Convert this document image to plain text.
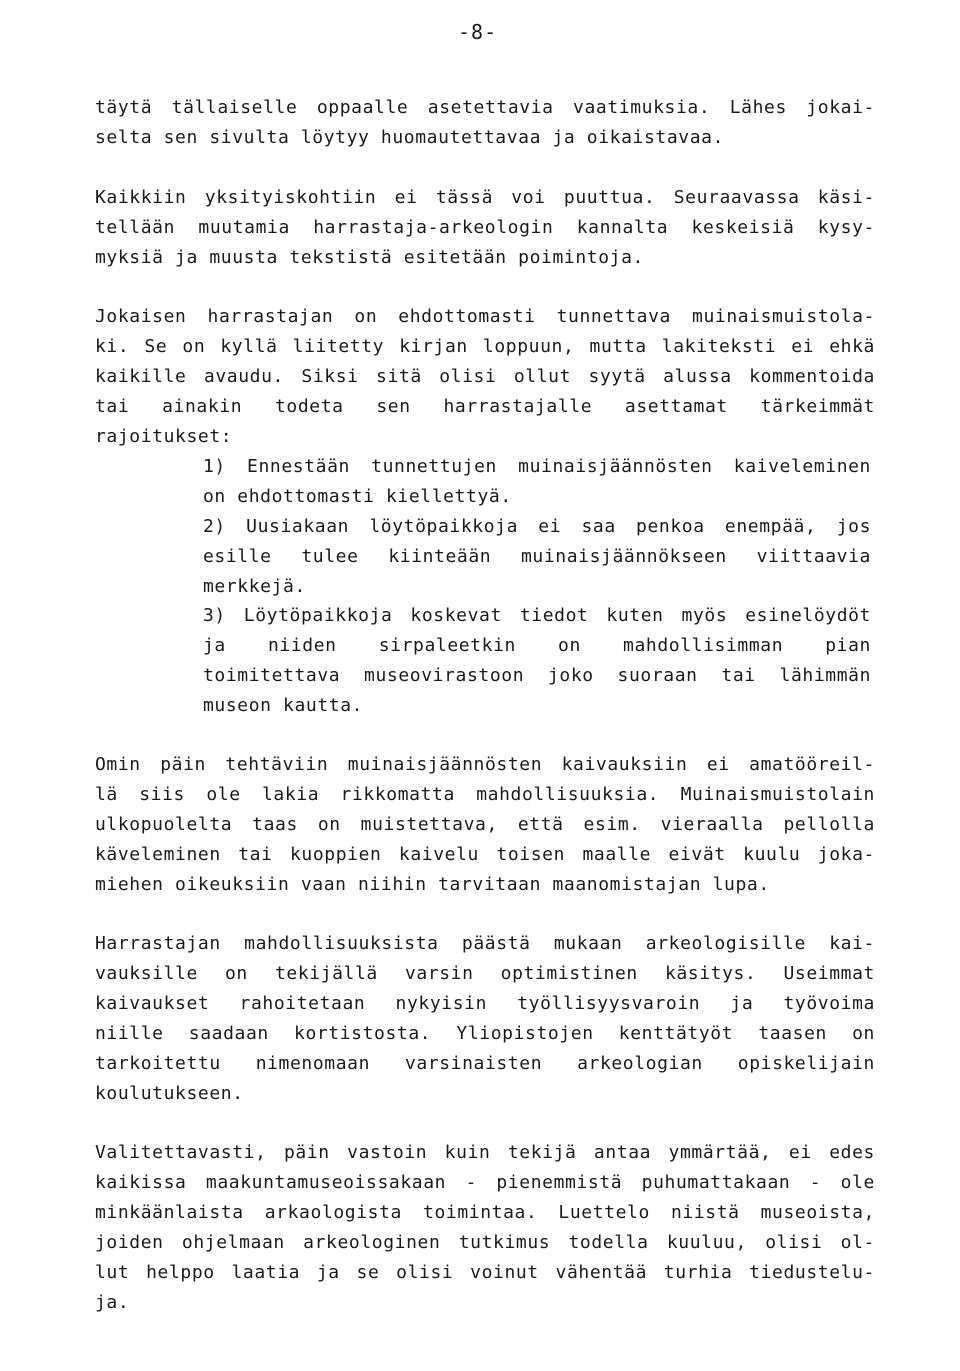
-8-
täytä tällaiselle oppaalle asetettavia vaatimuksia. Lähes jokai-
selta sen sivulta löytyy huomautettavaa ja oikaistavaa.
Kaikkiin yksityiskohtiin ei tässä voi puuttua. Seuraavassa käsi-
tellään muutamia harrastaja-arkeologin kannalta keskeisiä kysy-
myksiä ja muusta tekstistä esitetään poimintoja.
Jokaisen harrastajan on ehdottomasti tunnettava muinaismuistola-
ki. Se on kyllä liitetty kirjan loppuun, mutta lakiteksti ei ehkä
kaikille avaudu. Siksi sitä olisi ollut syytä alussa kommentoida
tai ainakin todeta sen harrastajalle asettamat tärkeimmät
rajoitukset:
1) Ennestään tunnettujen muinaisjäännösten kaiveleminen
on ehdottomasti kiellettyä.
2) Uusiakaan löytöpaikkoja ei saa penkoa enempää, jos
esille tulee kiinteään muinaisjäännökseen viittaavia
merkkejä.
3) Löytöpaikkoja koskevat tiedot kuten myös esinelöydöt
ja niiden sirpaleetkin on mahdollisimman pian
toimitettava museovirastoon joko suoraan tai lähimmän
museon kautta.
Omin päin tehtäviin muinaisjäännösten kaivauksiin ei amatööreil-
lä siis ole lakia rikkomatta mahdollisuuksia. Muinaismuistolain
ulkopuolelta taas on muistettava, että esim. vieraalla pellolla
käveleminen tai kuoppien kaivelu toisen maalle eivät kuulu joka-
miehen oikeuksiin vaan niihin tarvitaan maanomistajan lupa.
Harrastajan mahdollisuuksista päästä mukaan arkeologisille kai-
vauksille on tekijällä varsin optimistinen käsitys. Useimmat
kaivaukset rahoitetaan nykyisin työllisyysvaroin ja työvoima
niille saadaan kortistosta. Yliopistojen kenttätyöt taasen on
tarkoitettu nimenomaan varsinaisten arkeologian opiskelijain
koulutukseen.
Valitettavasti, päin vastoin kuin tekijä antaa ymmärtää, ei edes
kaikissa maakuntamuseoissakaan - pienemmistä puhumattakaan - ole
minkäänlaista arkaologista toimintaa. Luettelo niistä museoista,
joiden ohjelmaan arkeologinen tutkimus todella kuuluu, olisi ol-
lut helppo laatia ja se olisi voinut vähentää turhia tiedustelu-
ja.
